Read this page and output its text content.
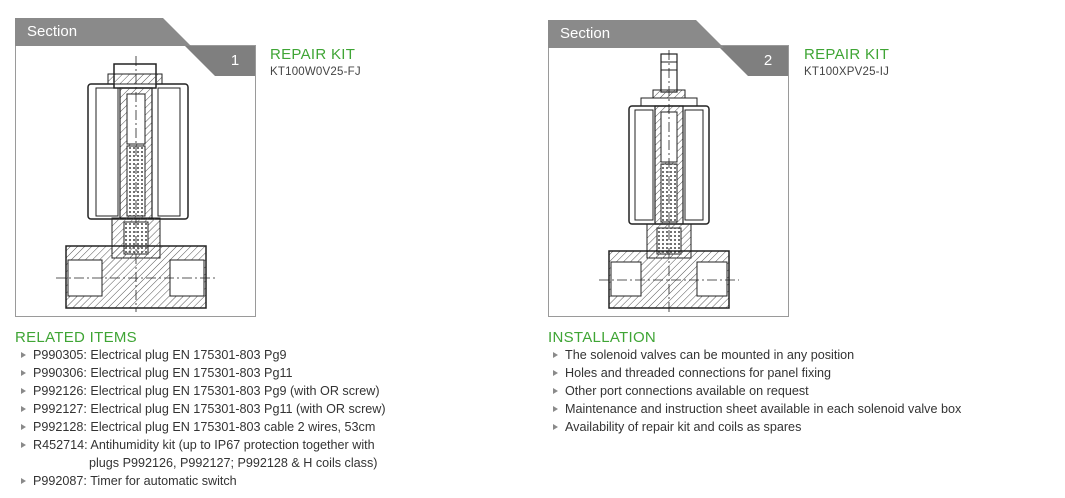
1
Section
REPAIR KIT
KT100W0V25-FJ
RELATED ITEMS
P990305: Electrical plug EN 175301-803 Pg9
P990306: Electrical plug EN 175301-803 Pg11
P992126: Electrical plug EN 175301-803 Pg9 (with OR screw)
P992127: Electrical plug EN 175301-803 Pg11 (with OR screw)
P992128: Electrical plug EN 175301-803 cable 2 wires, 53cm
R452714: Antihumidity kit (up to IP67 protection together with
plugs P992126, P992127; P992128 & H coils class)
P992087: Timer for automatic switch
2
Section
REPAIR KIT
KT100XPV25-IJ
INSTALLATION
The solenoid valves can be mounted in any position
Holes and threaded connections for panel fixing
Other port connections available on request
Maintenance and instruction sheet available in each solenoid valve box
Availability of repair kit and coils as spares
